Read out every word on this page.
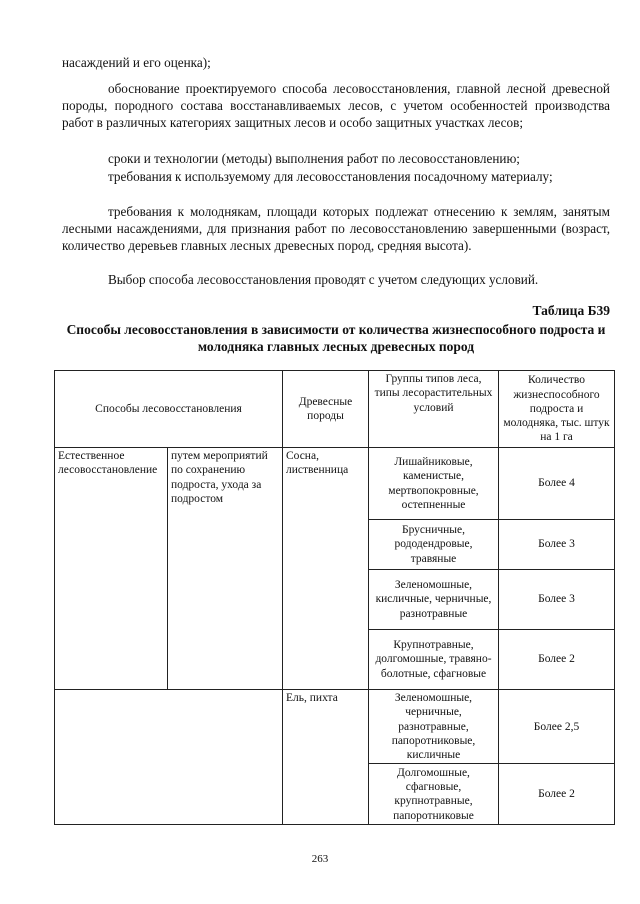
насаждений и его оценка);
обоснование проектируемого способа лесовосстановления, главной лесной древесной породы, породного состава восстанавливаемых лесов, с учетом особенностей производства работ в различных категориях защитных лесов и особо защитных участках лесов;
сроки и технологии (методы) выполнения работ по лесовосстановлению;
требования к используемому для лесовосстановления посадочному материалу;
требования к молоднякам, площади которых подлежат отнесению к землям, занятым лесными насаждениями, для признания работ по лесовосстановлению завершенными (возраст, количество деревьев главных лесных древесных пород, средняя высота).
Выбор способа лесовосстановления проводят с учетом следующих условий.
Таблица Б39
Способы лесовосстановления в зависимости от количества жизнеспособного подроста и молодняка главных лесных древесных пород
Способы лесовосстановления		Древесные породы	Группы типов леса, типы лесорастительных условий	Количество жизнеспособного подроста и молодняка, тыс. штук на 1 га
Естественное лесовосстановление	путем мероприятий по сохранению подроста, ухода за подростом	Сосна, лиственница	Лишайниковые, каменистые, мертвопокровные, остепненные	Более 4
			Брусничные, рододендровые, травяные	Более 3
			Зеленомошные, кисличные, черничные, разнотравные	Более 3
			Крупнотравные, долгомошные, травяно-болотные, сфагновые	Более 2
		Ель, пихта	Зеленомошные, черничные, разнотравные, папоротниковые, кисличные	Более 2,5
			Долгомошные, сфагновые, крупнотравные, папоротниковые	Более 2
263
